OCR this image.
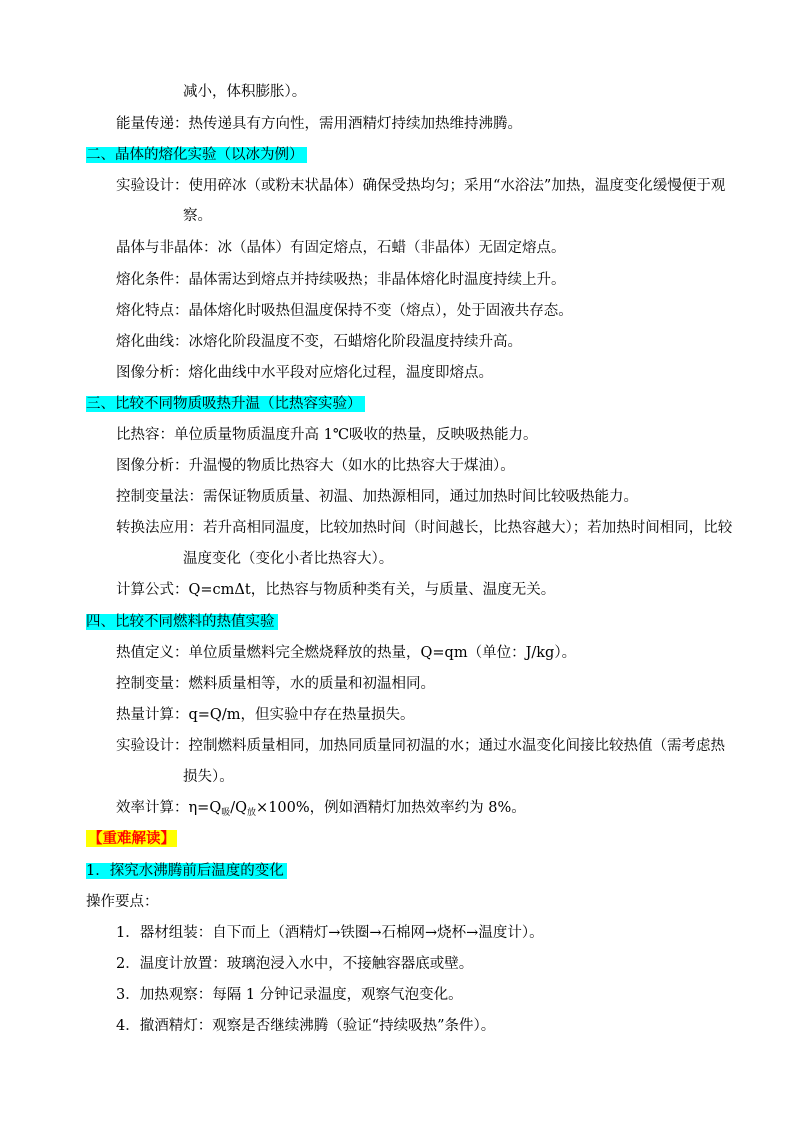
减小，体积膨胀）。
能量传递：热传递具有方向性，需用酒精灯持续加热维持沸腾。
二、晶体的熔化实验（以冰为例）
实验设计：使用碎冰（或粉末状晶体）确保受热均匀；采用“水浴法”加热，温度变化缓慢便于观
察。
晶体与非晶体：冰（晶体）有固定熔点，石蜡（非晶体）无固定熔点。
熔化条件：晶体需达到熔点并持续吸热；非晶体熔化时温度持续上升。
熔化特点：晶体熔化时吸热但温度保持不变（熔点），处于固液共存态。
熔化曲线：冰熔化阶段温度不变，石蜡熔化阶段温度持续升高。
图像分析：熔化曲线中水平段对应熔化过程，温度即熔点。
三、比较不同物质吸热升温（比热容实验）
比热容：单位质量物质温度升高 1℃吸收的热量，反映吸热能力。
图像分析：升温慢的物质比热容大（如水的比热容大于煤油）。
控制变量法：需保证物质质量、初温、加热源相同，通过加热时间比较吸热能力。
转换法应用：若升高相同温度，比较加热时间（时间越长，比热容越大）；若加热时间相同，比较
温度变化（变化小者比热容大）。
计算公式：Q=cmΔt，比热容与物质种类有关，与质量、温度无关。
四、比较不同燃料的热值实验
热值定义：单位质量燃料完全燃烧释放的热量，Q=qm（单位：J/kg）。
控制变量：燃料质量相等，水的质量和初温相同。
热量计算：q=Q/m，但实验中存在热量损失。
实验设计：控制燃料质量相同，加热同质量同初温的水；通过水温变化间接比较热值（需考虑热
损失）。
效率计算：$\eta=Q_吸/Q_放\times 100\%$，例如酒精灯加热效率约为 8%。
【重难解读】
1．探究水沸腾前后温度的变化
操作要点：
1．器材组装：自下而上（酒精灯→铁圈→石棉网→烧杯→温度计）。
2．温度计放置：玻璃泡浸入水中，不接触容器底或壁。
3．加热观察：每隔 1 分钟记录温度，观察气泡变化。
4．撤酒精灯：观察是否继续沸腾（验证“持续吸热”条件）。
